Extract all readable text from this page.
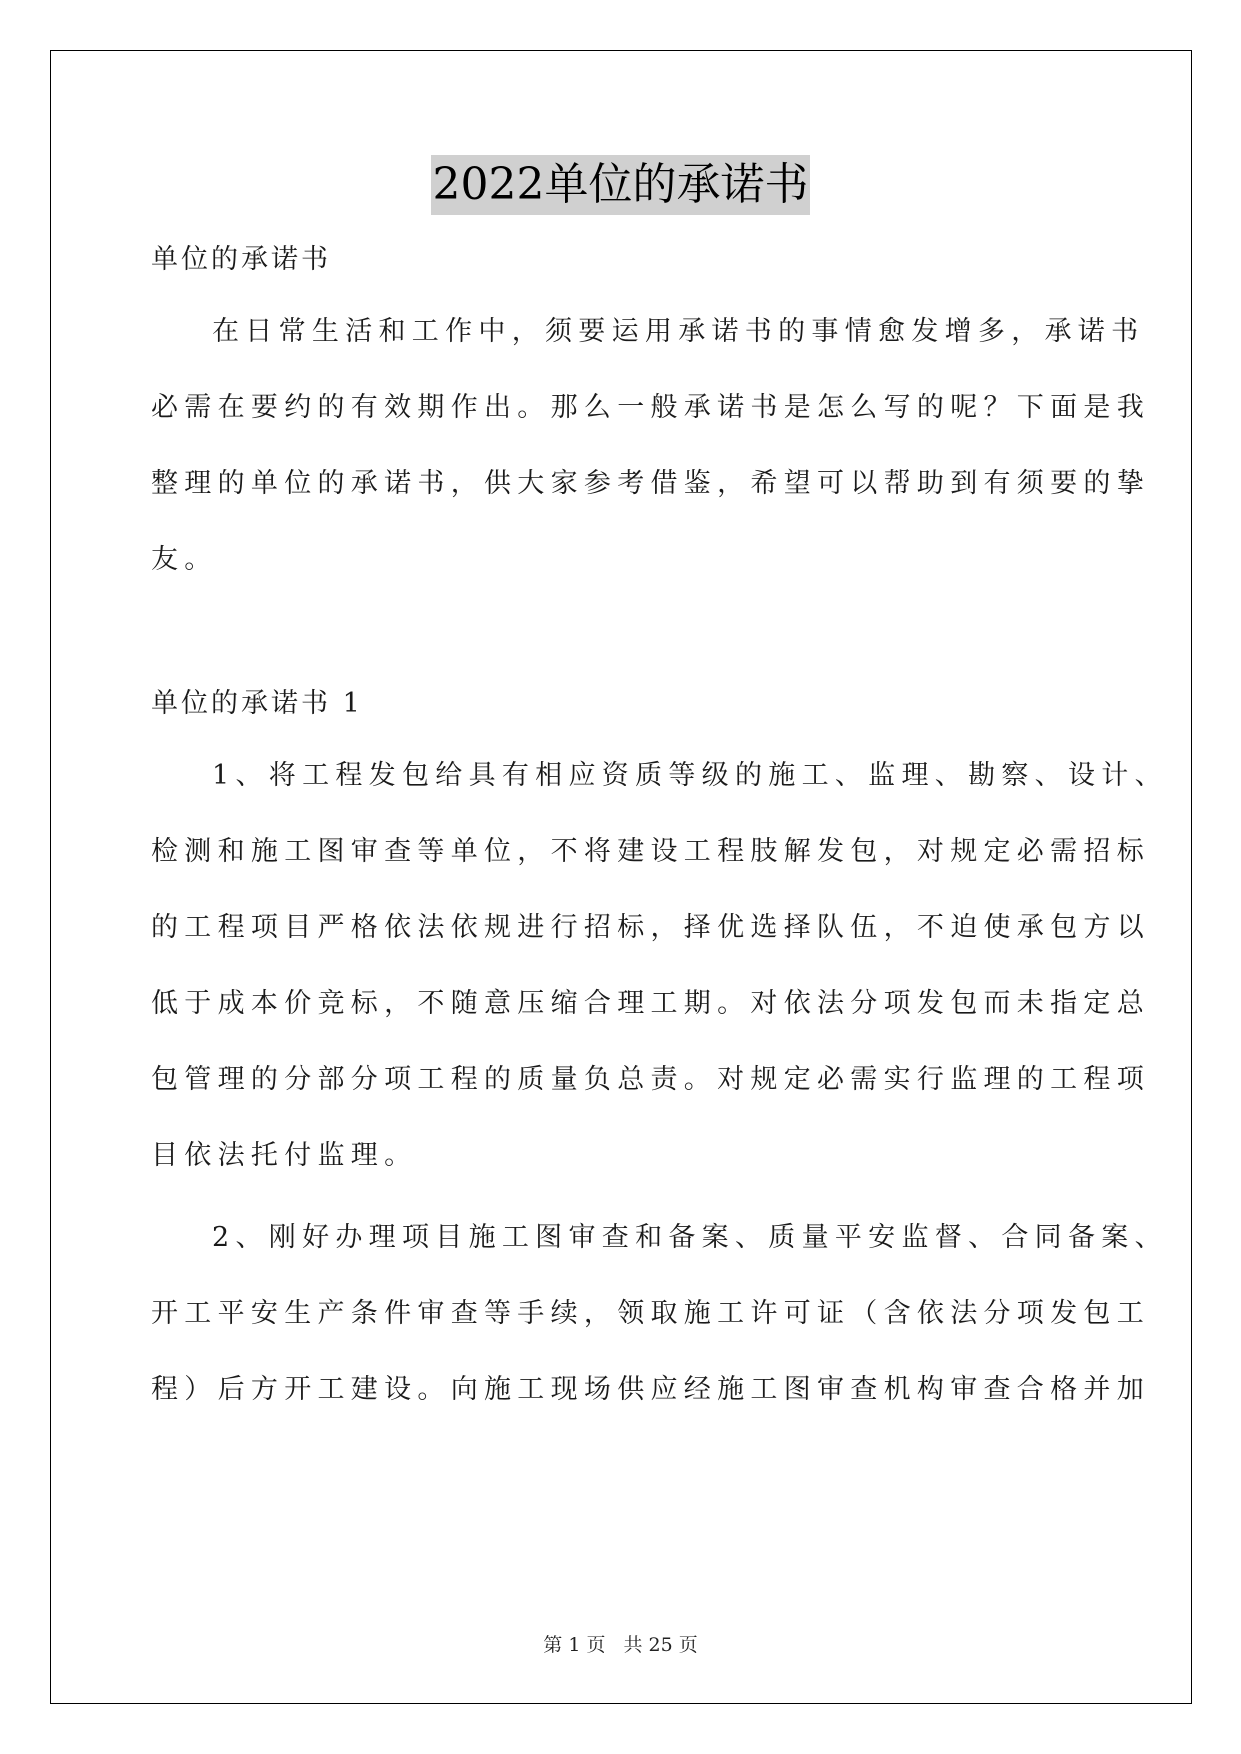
2022单位的承诺书

单位的承诺书

在日常生活和工作中，须要运用承诺书的事情愈发增多，承诺书

必需在要约的有效期作出。那么一般承诺书是怎么写的呢？下面是我

整理的单位的承诺书，供大家参考借鉴，希望可以帮助到有须要的挚

友。

单位的承诺书 1

1、将工程发包给具有相应资质等级的施工、监理、勘察、设计、

检测和施工图审查等单位，不将建设工程肢解发包，对规定必需招标

的工程项目严格依法依规进行招标，择优选择队伍，不迫使承包方以

低于成本价竞标，不随意压缩合理工期。对依法分项发包而未指定总

包管理的分部分项工程的质量负总责。对规定必需实行监理的工程项

目依法托付监理。

2、刚好办理项目施工图审查和备案、质量平安监督、合同备案、

开工平安生产条件审查等手续，领取施工许可证（含依法分项发包工

程）后方开工建设。向施工现场供应经施工图审查机构审查合格并加

第 1 页 共 25 页
